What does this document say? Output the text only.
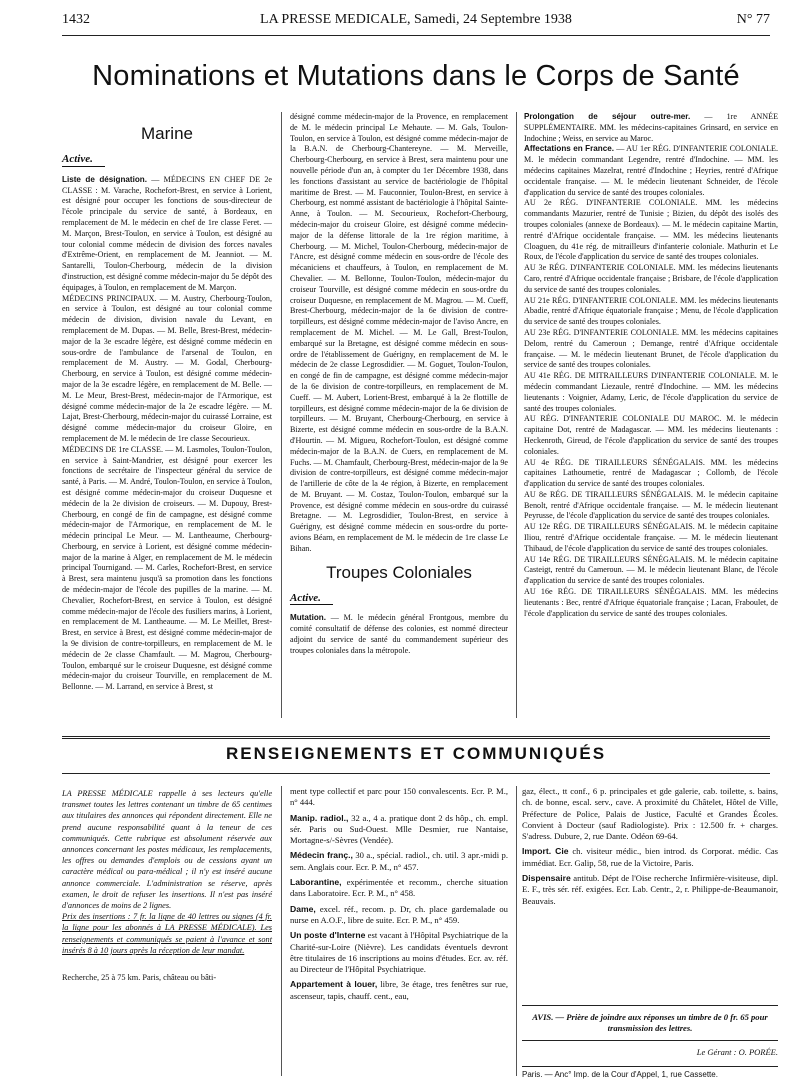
1432	LA PRESSE MEDICALE, Samedi, 24 Septembre 1938	N° 77
Nominations et Mutations dans le Corps de Santé
Marine
Active.

Liste de désignation. — MÉDECINS EN CHEF DE 2e CLASSE : M. Varache, Rochefort-Brest, en service à Lorient, est désigné pour occuper les fonctions de sous-directeur de l'école principale du service de santé, à Bordeaux, en remplacement de M. le médecin en chef de 1re classe Feret. — M. Marçon, Brest-Toulon, en service à Toulon, est désigné au tour colonial comme médecin de division des forces navales d'Extrême-Orient, en remplacement de M. Jeanniot. — M. Santarelli, Toulon-Cherbourg, médecin de la division d'instruction, est désigné comme médecin-major du 5e dépôt des équipages, à Toulon, en remplacement de M. Marçon.

MÉDECINS PRINCIPAUX. — M. Austry, Cherbourg-Toulon, en service à Toulon, est désigné au tour colonial comme médecin de division, division navale du Levant, en remplacement de M. Dupas. — M. Belle, Brest-Brest, médecin-major de la 3e escadre légère, est désigné comme médecin en sous-ordre de l'ambulance de l'arsenal de Toulon, en remplacement de M. Austry. — M. Godal, Cherbourg-Cherbourg, en service à Toulon, est désigné comme médecin-major de la 3e escadre légère, en remplacement de M. Belle. — M. Le Meur, Brest-Brest, médecin-major de l'Armorique, est désigné comme médecin-major de la 2e escadre légère. — M. Lajat, Brest-Cherbourg, médecin-major du cuirassé Lorraine, est désigné comme médecin-major du croiseur Gloire, en remplacement de M. le médecin de 1re classe Secourieux.

MÉDECINS DE 1re CLASSE. — M. Lasmoles, Toulon-Toulon, en service à Saint-Mandrier, est désigné pour exercer les fonctions de secrétaire de l'inspecteur général du service de santé, à Paris. — M. André, Toulon-Toulon, en service à Toulon, est désigné comme médecin-major du croiseur Duquesne et médecin de la 2e division de croiseurs. — M. Dupouy, Brest-Cherbourg, en congé de fin de campagne, est désigné comme médecin-major de l'Armorique, en remplacement de M. le médecin principal Le Meur. — M. Lantheaume, Cherbourg-Cherbourg, en service à Lorient, est désigné comme médecin-major de la marine à Alger, en remplacement de M. le médecin principal Tournigand. — M. Carles, Rochefort-Brest, en service à Brest, sera maintenu jusqu'à sa promotion dans les fonctions de médecin-major de l'école des pupilles de la marine. — M. Chevalier, Rochefort-Brest, en service à Toulon, est désigné comme médecin-major de l'école des fusiliers marins, à Lorient, en remplacement de M. Lantheaume. — M. Le Meillet, Brest-Brest, en service à Brest, est désigné comme médecin-major de la 9e division de contre-torpilleurs, en remplacement de M. le médecin de 2e classe Chamfault. — M. Magrou, Cherbourg-Toulon, embarqué sur le croiseur Duquesne, est désigné comme médecin-major du croiseur Tourville, en remplacement de M. Bellonne. — M. Larrand, en service à Brest, st

désigné comme médecin-major de la Provence, en remplacement de M. le médecin principal Le Mehaute. — M. Gals, Toulon-Toulon, en service à Toulon, est désigné comme médecin-major de la B.A.N. de Cherbourg-Chantereyne. — M. Merveille, Cherbourg-Cherbourg, en service à Brest, sera maintenu pour une nouvelle période d'un an, à compter du 1er Décembre 1938, dans les fonctions d'assistant au service de bactériologie de l'hôpital maritime de Brest. — M. Fauconnier, Toulon-Brest, en service à Cherbourg, est nommé assistant de bactériologie à l'hôpital Sainte-Anne, à Toulon. — M. Secourieux, Rochefort-Cherbourg, médecin-major du croiseur Gloire, est désigné comme médecin-major de la défense littorale de la 1re région maritime, à Cherbourg. — M. Michel, Toulon-Cherbourg, médecin-major de l'Ancre, est désigné comme médecin en sous-ordre de l'école des mécaniciens et chauffeurs, à Toulon, en remplacement de M. Chevalier. — M. Bellonne, Toulon-Toulon, médecin-major du croiseur Tourville, est désigné comme médecin en sous-ordre du croiseur Duquesne, en remplacement de M. Magrou. — M. Cueff, Brest-Cherbourg, médecin-major de la 6e division de contre-torpilleurs, est désigné comme médecin-major de l'aviso Ancre, en remplacement de M. Michel. — M. Le Gall, Brest-Toulon, embarqué sur la Bretagne, est désigné comme médecin en sous-ordre de l'établissement de Guérigny, en remplacement de M. le médecin de 2e classe Legrosdidier. — M. Goguet, Toulon-Toulon, en congé de fin de campagne, est désigné comme médecin-major de la 6e division de contre-torpilleurs, en remplacement de M. Cueff. — M. Aubert, Lorient-Brest, embarqué à la 2e flottille de torpilleurs, est désigné comme médecin-major de la 6e division de torpilleurs. — M. Bruyant, Cherbourg-Cherbourg, en service à Bizerte, est désigné comme médecin en sous-ordre de la B.A.N. d'Hourtin. — M. Migueu, Rochefort-Toulon, est désigné comme médecin-major de la B.A.N. de Cuers, en remplacement de M. Fuchs. — M. Chamfault, Cherbourg-Brest, médecin-major de la 9e division de contre-torpilleurs, est désigné comme médecin-major de l'artillerie de côte de la 4e région, à Bizerte, en remplacement de M. Bruyant. — M. Costaz, Toulon-Toulon, embarqué sur la Provence, est désigné comme médecin en sous-ordre du cuirassé Bretagne. — M. Legrosdidier, Toulon-Brest, en service à Guérigny, est désigné comme médecin en sous-ordre du porte-avions Béarn, en remplacement de M. le médecin de 1re classe Le Bihan.

Troupes Coloniales
Active.

Mutation. — M. le médecin général Frontgous, membre du comité consultatif de défense des colonies, est nommé directeur adjoint du service de santé du commandement supérieur des troupes coloniales dans la métropole.

Prolongation de séjour outre-mer. — 1re ANNÉE SUPPLÉMENTAIRE. MM. les médecins-capitaines Grinsard, en service en Indochine ; Weiss, en service au Maroc.

Affectations en France. — AU 1er RÉG. D'INFANTERIE COLONIALE. M. le médecin commandant Legendre, rentré d'Indochine. — MM. les médecins capitaines Mazelrat, rentré d'Indochine ; Heyries, rentré d'Afrique occidentale française. — M. le médecin lieutenant Schneider, de l'école d'application du service de santé des troupes coloniales.

AU 2e RÉG. D'INFANTERIE COLONIALE. MM. les médecins commandants Mazurier, rentré de Tunisie ; Bizien, du dépôt des isolés des troupes coloniales (annexe de Bordeaux). — M. le médecin capitaine Martin, rentré d'Afrique occidentale française. — MM. les médecins lieutenants Cloaguen, du 41e rég. de mitrailleurs d'infanterie coloniale. Mathurin et Le Roux, de l'école d'application du service de santé des troupes coloniales.

AU 3e RÉG. D'INFANTERIE COLONIALE. MM. les médecins lieutenants Caro, rentré d'Afrique occidentale française ; Brisbare, de l'école d'application du service de santé des troupes coloniales.

AU 21e RÉG. D'INFANTERIE COLONIALE. MM. les médecins lieutenants Abadie, rentré d'Afrique équatoriale française ; Menu, de l'école d'application du service de santé des troupes coloniales.

AU 23e RÉG. D'INFANTERIE COLONIALE. MM. les médecins capitaines Delom, rentré du Cameroun ; Demange, rentré d'Afrique occidentale française. — M. le médecin lieutenant Brunet, de l'école d'application du service de santé des troupes coloniales.

AU 41e RÉG. DE MITRAILLEURS D'INFANTERIE COLONIALE. M. le médecin commandant Liezaule, rentré d'Indochine. — MM. les médecins lieutenants : Voignier, Adamy, Leric, de l'école d'application du service de santé des troupes coloniales.

AU RÉG. D'INFANTERIE COLONIALE DU MAROC. M. le médecin capitaine Dot, rentré de Madagascar. — MM. les médecins lieutenants : Heckenroth, Gireud, de l'école d'application du service de santé des troupes coloniales.

AU 4e RÉG. DE TIRAILLEURS SÉNÉGALAIS. MM. les médecins capitaines Lathoumetie, rentré de Madagascar ; Collomb, de l'école d'application du service de santé des troupes coloniales.

AU 8e RÉG. DE TIRAILLEURS SÉNÉGALAIS. M. le médecin capitaine Benolt, rentré d'Afrique occidentale française. — M. le médecin lieutenant Peyrusse, de l'école d'application du service de santé des troupes coloniales.

AU 12e RÉG. DE TIRAILLEURS SÉNÉGALAIS. M. le médecin capitaine Iliou, rentré d'Afrique occidentale française. — M. le médecin lieutenant Thibaud, de l'école d'application du service de santé des troupes coloniales.

AU 14e RÉG. DE TIRAILLEURS SÉNÉGALAIS. M. le médecin capitaine Casteigt, rentré du Cameroun. — M. le médecin lieutenant Blanc, de l'école d'application du service de santé des troupes coloniales.

AU 16e RÉG. DE TIRAILLEURS SÉNÉGALAIS. MM. les médecins lieutenants : Bec, rentré d'Afrique équatoriale française ; Lacan, Fraboulet, de l'école d'application du service de santé des troupes coloniales.

RENSEIGNEMENTS ET COMMUNIQUÉS

LA PRESSE MÉDICALE rappelle à ses lecteurs qu'elle transmet toutes les lettres contenant un timbre de 65 centimes aux titulaires des annonces qui répondent directement. Elle ne prend aucune responsabilité quant à la teneur de ces communiqués. Cette rubrique est absolument réservée aux annonces concernant les postes médicaux, les remplacements, les offres ou demandes d'emplois ou de cessions ayant un caractère médical ou para-médical ; il n'y est inséré aucune annonce commerciale. L'administration se réserve, après examen, le droit de refuser les insertions. Il n'est pas inséré d'annonces de moins de 2 lignes.

Prix des insertions : 7 fr. la ligne de 40 lettres ou signes (4 fr. la ligne pour les abonnés à LA PRESSE MÉDICALE). Les renseignements et communiqués se paient à l'avance et sont insérés 8 à 10 jours après la réception de leur mandat.

Recherche, 25 à 75 km. Paris, château ou bâti-

ment type collectif et parc pour 150 convalescents. Ecr. P. M., n° 444.

Manip. radiol., 32 a., 4 a. pratique dont 2 ds hôp., ch. empl. sér. Paris ou Sud-Ouest. Mlle Desmier, rue Nantaise, Mortagne-s/-Sèvres (Vendée).

Médecin franç., 30 a., spécial. radiol., ch. util. 3 apr.-midi p. sem. Anglais cour. Ecr. P. M., n° 457.

Laborantine, expérimentée et recomm., cherche situation dans Laboratoire. Ecr. P. M., n° 458.

Dame, excel. réf., recom. p. Dr, ch. place gardemalade ou nurse en A.O.F., libre de suite. Ecr. P. M., n° 459.

Un poste d'Interne est vacant à l'Hôpital Psychiatrique de la Charité-sur-Loire (Nièvre). Les candidats éventuels devront être titulaires de 16 inscriptions au moins d'études. Ecr. av. réf. au Directeur de l'Hôpital Psychiatrique.

Appartement à louer, libre, 3e étage, tres fenêtres sur rue, ascenseur, tapis, chauff. cent., eau,

gaz, élect., tt conf., 6 p. principales et gde galerie, cab. toilette, s. bains, ch. de bonne, escal. serv., cave. A proximité du Châtelet, Hôtel de Ville, Préfecture de Police, Palais de Justice, Faculté et Grandes Écoles. Convient à Docteur (sauf Radiologiste). Prix : 12.500 fr. + charges. S'adress. Dubure, 2, rue Dante. Odéon 69-64.

Import. Cie ch. visiteur médic., bien introd. ds Corporat. médic. Cas immédiat. Ecr. Galip, 58, rue de la Victoire, Paris.

Dispensaire antitub. Dépt de l'Oise recherche Infirmière-visiteuse, dipl. E. F., très sér. réf. exigées. Ecr. Lab. Centr., 2, r. Philippe-de-Beaumanoir, Beauvais.

AVIS. — Prière de joindre aux réponses un timbre de 0 fr. 65 pour transmission des lettres.
Le Gérant : O. PORÉE.
Paris. — Anc° Imp. de la Cour d'Appel, 1, rue Cassette.
